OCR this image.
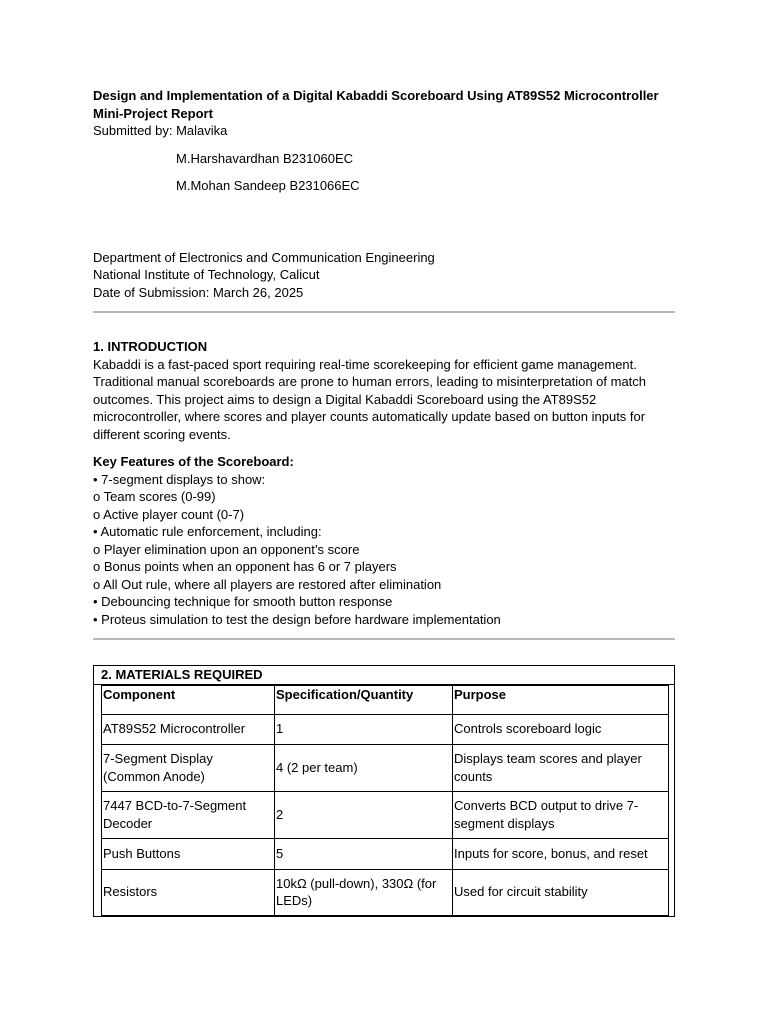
Design and Implementation of a Digital Kabaddi Scoreboard Using AT89S52 Microcontroller
Mini-Project Report
Submitted by: Malavika
M.Harshavardhan B231060EC
M.Mohan Sandeep B231066EC
Department of Electronics and Communication Engineering
National Institute of Technology, Calicut
Date of Submission: March 26, 2025
1. INTRODUCTION
Kabaddi is a fast-paced sport requiring real-time scorekeeping for efficient game management.
Traditional manual scoreboards are prone to human errors, leading to misinterpretation of match
outcomes. This project aims to design a Digital Kabaddi Scoreboard using the AT89S52
microcontroller, where scores and player counts automatically update based on button inputs for
different scoring events.
Key Features of the Scoreboard:
• 7-segment displays to show:
o Team scores (0-99)
o Active player count (0-7)
• Automatic rule enforcement, including:
o Player elimination upon an opponent’s score
o Bonus points when an opponent has 6 or 7 players
o All Out rule, where all players are restored after elimination
• Debouncing technique for smooth button response
• Proteus simulation to test the design before hardware implementation
2. MATERIALS REQUIRED

Component	Specification/Quantity	Purpose
AT89S52 Microcontroller	1	Controls scoreboard logic
7-Segment Display (Common Anode)	4 (2 per team)	Displays team scores and player counts
7447 BCD-to-7-Segment Decoder	2	Converts BCD output to drive 7-segment displays
Push Buttons	5	Inputs for score, bonus, and reset
Resistors	10kΩ (pull-down), 330Ω (for LEDs)	Used for circuit stability
